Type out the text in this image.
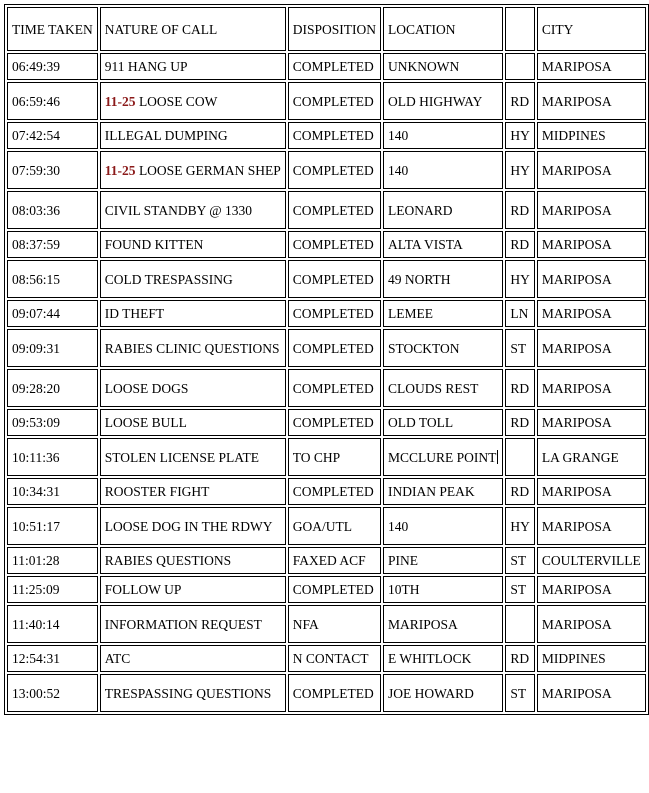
TIME TAKEN	NATURE OF CALL	DISPOSITION	LOCATION		CITY
06:49:39	911 HANG UP	COMPLETED	UNKNOWN		MARIPOSA
06:59:46	11-25 LOOSE COW	COMPLETED	OLD HIGHWAY	RD	MARIPOSA
07:42:54	ILLEGAL DUMPING	COMPLETED	140	HY	MIDPINES
07:59:30	11-25 LOOSE GERMAN SHEP	COMPLETED	140	HY	MARIPOSA
08:03:36	CIVIL STANDBY @ 1330	COMPLETED	LEONARD	RD	MARIPOSA
08:37:59	FOUND KITTEN	COMPLETED	ALTA VISTA	RD	MARIPOSA
08:56:15	COLD TRESPASSING	COMPLETED	49 NORTH	HY	MARIPOSA
09:07:44	ID THEFT	COMPLETED	LEMEE	LN	MARIPOSA
09:09:31	RABIES CLINIC QUESTIONS	COMPLETED	STOCKTON	ST	MARIPOSA
09:28:20	LOOSE DOGS	COMPLETED	CLOUDS REST	RD	MARIPOSA
09:53:09	LOOSE BULL	COMPLETED	OLD TOLL	RD	MARIPOSA
10:11:36	STOLEN LICENSE PLATE	TO CHP	MCCLURE POINT		LA GRANGE
10:34:31	ROOSTER FIGHT	COMPLETED	INDIAN PEAK	RD	MARIPOSA
10:51:17	LOOSE DOG IN THE RDWY	GOA/UTL	140	HY	MARIPOSA
11:01:28	RABIES QUESTIONS	FAXED ACF	PINE	ST	COULTERVILLE
11:25:09	FOLLOW UP	COMPLETED	10TH	ST	MARIPOSA
11:40:14	INFORMATION REQUEST	NFA	MARIPOSA		MARIPOSA
12:54:31	ATC	N CONTACT	E WHITLOCK	RD	MIDPINES
13:00:52	TRESPASSING QUESTIONS	COMPLETED	JOE HOWARD	ST	MARIPOSA
